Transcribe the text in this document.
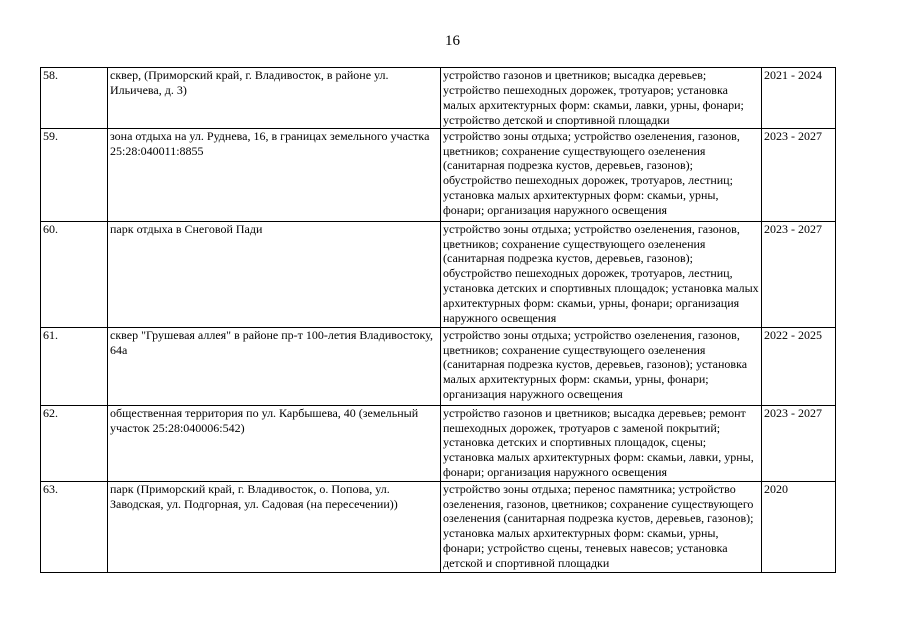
16
58.	сквер, (Приморский край, г. Владивосток, в районе ул. Ильичева, д. 3)	устройство газонов и цветников; высадка деревьев; устройство пешеходных дорожек, тротуаров; установка малых архитектурных форм: скамьи, лавки, урны, фонари; устройство детской и спортивной площадки	2021 - 2024
59.	зона отдыха на ул. Руднева, 16, в границах земельного участка 25:28:040011:8855	устройство зоны отдыха; устройство озеленения, газонов, цветников; сохранение существующего озеленения (санитарная подрезка кустов, деревьев, газонов); обустройство пешеходных дорожек, тротуаров, лестниц; установка малых архитектурных форм: скамьи, урны, фонари; организация наружного освещения	2023 - 2027
60.	парк отдыха в Снеговой Пади	устройство зоны отдыха; устройство озеленения, газонов, цветников; сохранение существующего озеленения (санитарная подрезка кустов, деревьев, газонов); обустройство пешеходных дорожек, тротуаров, лестниц, установка детских и спортивных площадок; установка малых архитектурных форм: скамьи, урны, фонари; организация наружного освещения	2023 - 2027
61.	сквер "Грушевая аллея" в районе пр-т 100-летия Владивостоку, 64а	устройство зоны отдыха; устройство озеленения, газонов, цветников; сохранение существующего озеленения (санитарная подрезка кустов, деревьев, газонов); установка малых архитектурных форм: скамьи, урны, фонари; организация наружного освещения	2022 - 2025
62.	общественная территория по ул. Карбышева, 40 (земельный участок 25:28:040006:542)	устройство газонов и цветников; высадка деревьев; ремонт пешеходных дорожек, тротуаров с заменой покрытий; установка детских и спортивных площадок, сцены; установка малых архитектурных форм: скамьи, лавки, урны, фонари; организация наружного освещения	2023 - 2027
63.	парк (Приморский край, г. Владивосток, о. Попова, ул. Заводская, ул. Подгорная, ул. Садовая (на пересечении))	устройство зоны отдыха; перенос памятника; устройство озеленения, газонов, цветников; сохранение существующего озеленения (санитарная подрезка кустов, деревьев, газонов); установка малых архитектурных форм: скамьи, урны, фонари; устройство сцены, теневых навесов; установка детской и спортивной площадки	2020
